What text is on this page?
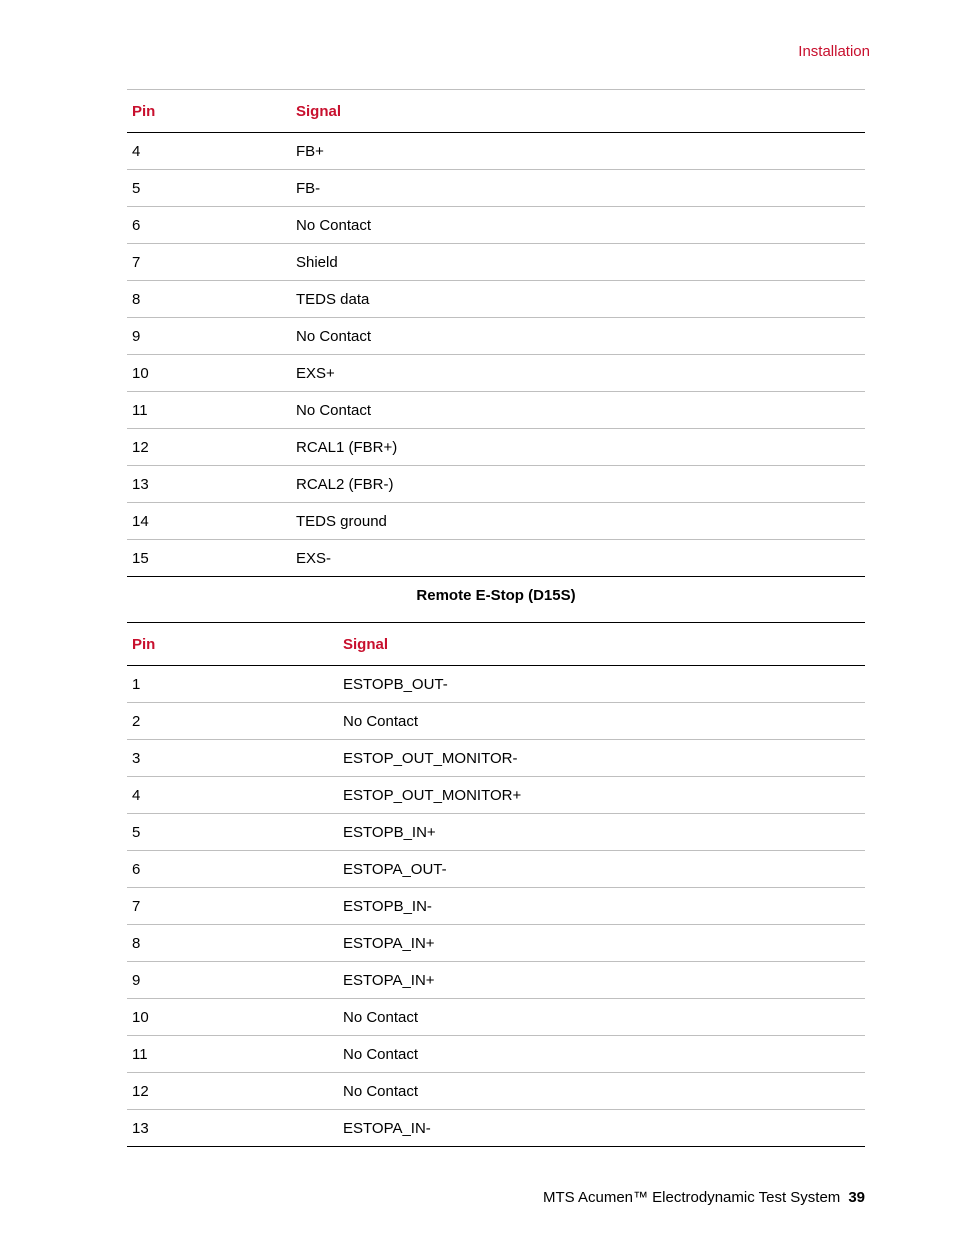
Installation
Pin	Signal
4	FB+
5	FB-
6	No Contact
7	Shield
8	TEDS data
9	No Contact
10	EXS+
11	No Contact
12	RCAL1 (FBR+)
13	RCAL2 (FBR-)
14	TEDS ground
15	EXS-
Remote E-Stop (D15S)
Pin	Signal
1	ESTOPB_OUT-
2	No Contact
3	ESTOP_OUT_MONITOR-
4	ESTOP_OUT_MONITOR+
5	ESTOPB_IN+
6	ESTOPA_OUT-
7	ESTOPB_IN-
8	ESTOPA_IN+
9	ESTOPA_IN+
10	No Contact
11	No Contact
12	No Contact
13	ESTOPA_IN-
MTS Acumen™ Electrodynamic Test System 39
